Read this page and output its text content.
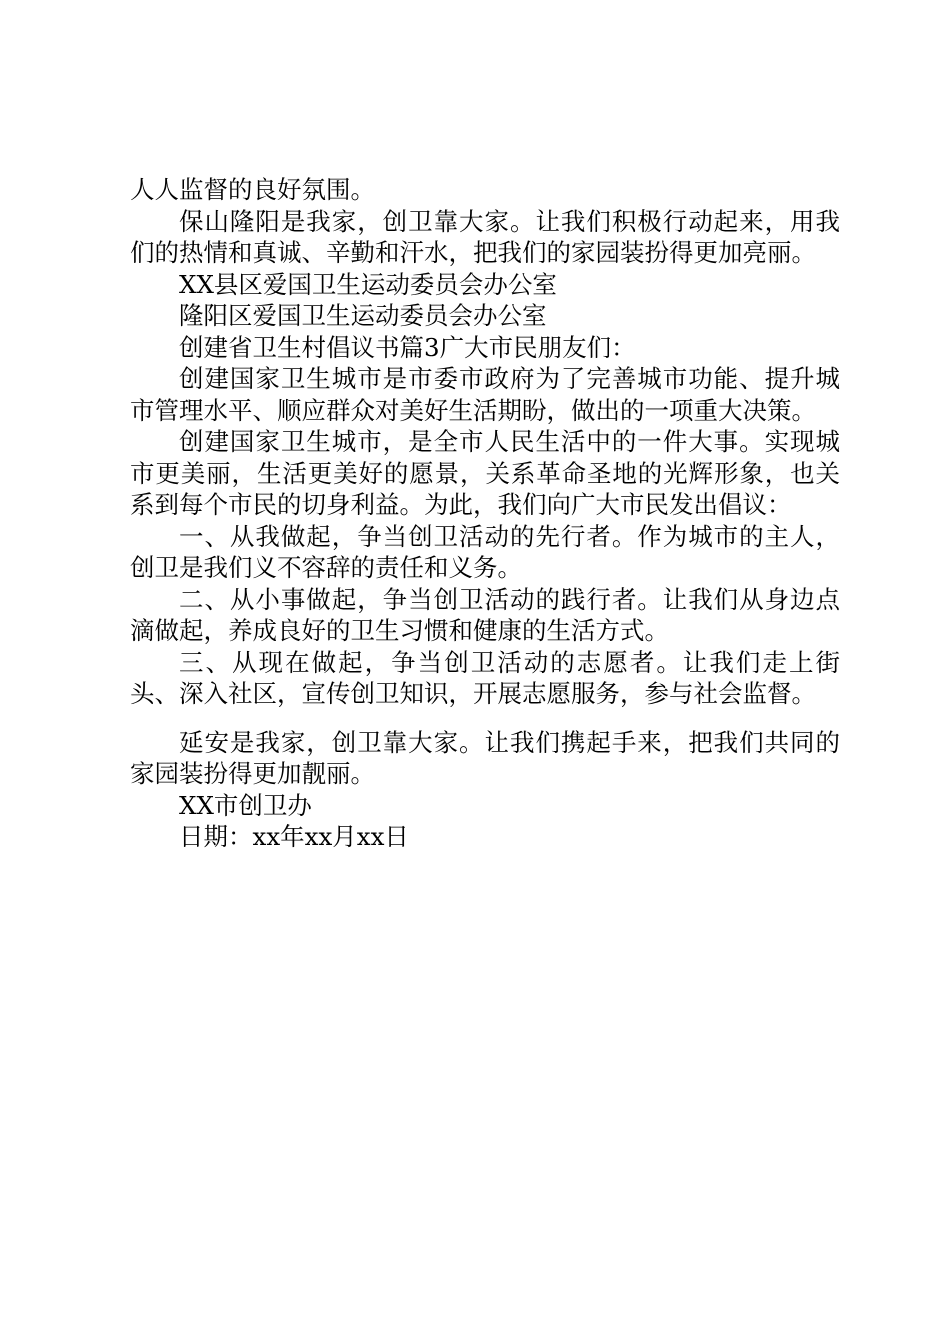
人人监督的良好氛围。

保山隆阳是我家，创卫靠大家。让我们积极行动起来，用我们的热情和真诚、辛勤和汗水，把我们的家园装扮得更加亮丽。

XX县区爱国卫生运动委员会办公室

隆阳区爱国卫生运动委员会办公室

创建省卫生村倡议书篇3广大市民朋友们：

创建国家卫生城市是市委市政府为了完善城市功能、提升城市管理水平、顺应群众对美好生活期盼，做出的一项重大决策。

创建国家卫生城市，是全市人民生活中的一件大事。实现城市更美丽，生活更美好的愿景，关系革命圣地的光辉形象，也关系到每个市民的切身利益。为此，我们向广大市民发出倡议：

一、从我做起，争当创卫活动的先行者。作为城市的主人，创卫是我们义不容辞的责任和义务。

二、从小事做起，争当创卫活动的践行者。让我们从身边点滴做起，养成良好的卫生习惯和健康的生活方式。

三、从现在做起，争当创卫活动的志愿者。让我们走上街头、深入社区，宣传创卫知识，开展志愿服务，参与社会监督。

延安是我家，创卫靠大家。让我们携起手来，把我们共同的家园装扮得更加靓丽。

XX市创卫办

日期：xx年xx月xx日
